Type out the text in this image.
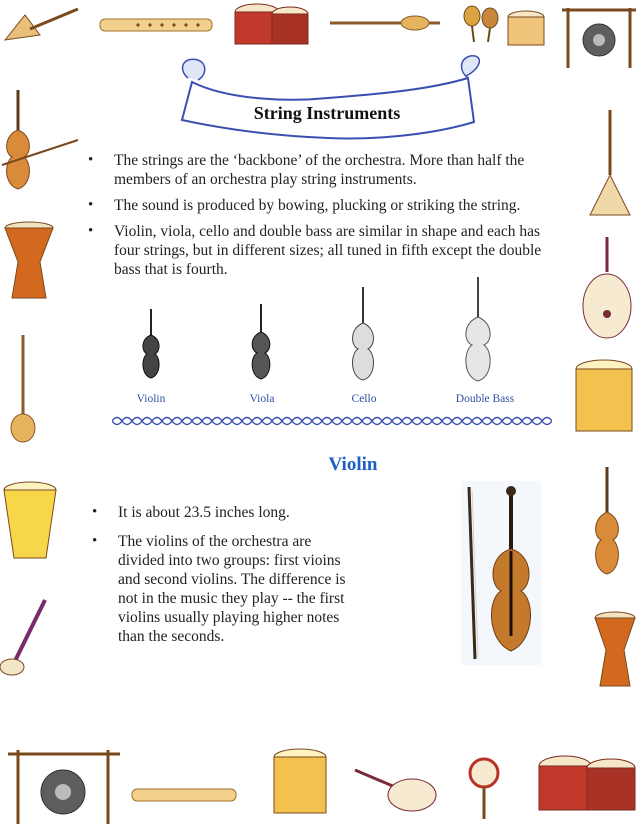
String Instruments
• The strings are the ‘backbone’ of the orchestra. More than half the members of an orchestra play string instruments.
• The sound is produced by bowing, plucking or striking the string.
• Violin, viola, cello and double bass are similar in shape and each has four strings, but in different sizes; all tuned in fifth except the double bass that is fourth.
Violin	Viola	Cello	Double Bass
Violin
• It is about 23.5 inches long.
• The violins of the orchestra are divided into two groups: first vioins and second violins. The difference is not in the music they play -- the first violins usually playing higher notes than the seconds.
